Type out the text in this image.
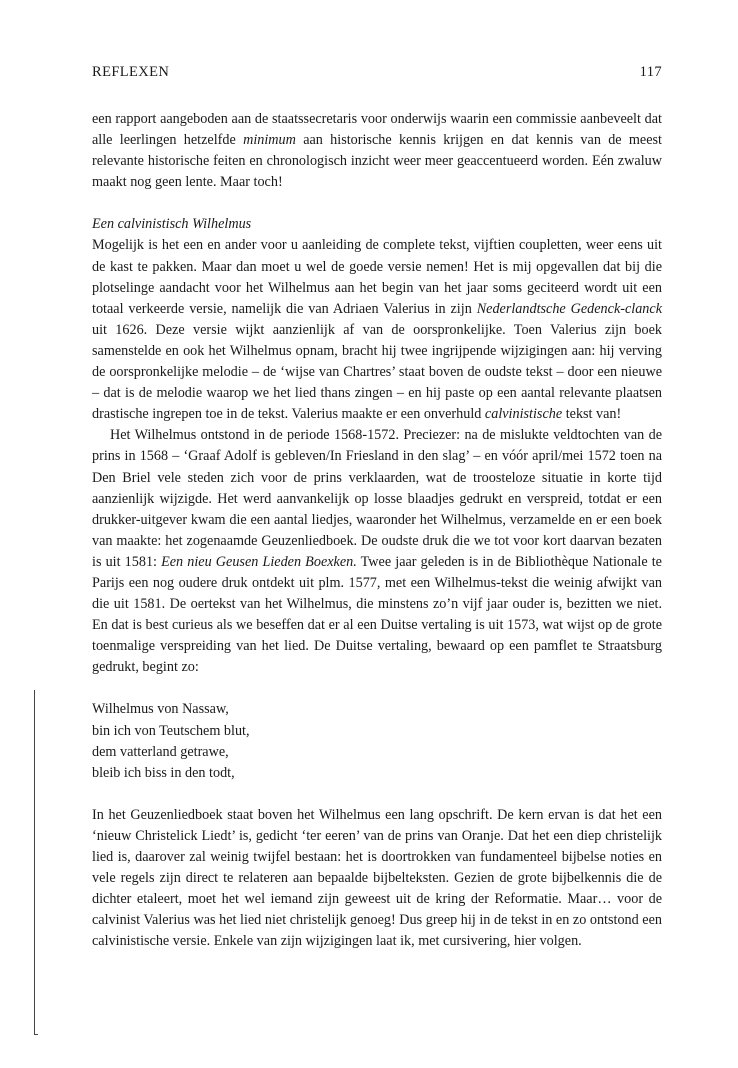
REFLEXEN	117

een rapport aangeboden aan de staatssecretaris voor onderwijs waarin een commissie aanbeveelt dat alle leerlingen hetzelfde minimum aan historische kennis krijgen en dat kennis van de meest relevante historische feiten en chronologisch inzicht weer meer geaccentueerd worden. Eén zwaluw maakt nog geen lente. Maar toch!

Een calvinistisch Wilhelmus

Mogelijk is het een en ander voor u aanleiding de complete tekst, vijftien coupletten, weer eens uit de kast te pakken. Maar dan moet u wel de goede versie nemen! Het is mij opgevallen dat bij die plotselinge aandacht voor het Wilhelmus aan het begin van het jaar soms geciteerd wordt uit een totaal verkeerde versie, namelijk die van Adriaen Valerius in zijn Nederlandtsche Gedenck-clanck uit 1626. Deze versie wijkt aanzienlijk af van de oorspronkelijke. Toen Valerius zijn boek samenstelde en ook het Wilhelmus opnam, bracht hij twee ingrijpende wijzigingen aan: hij verving de oorspronkelijke melodie – de ‘wijse van Chartres’ staat boven de oudste tekst – door een nieuwe – dat is de melodie waarop we het lied thans zingen – en hij paste op een aantal relevante plaatsen drastische ingrepen toe in de tekst. Valerius maakte er een onverhuld calvinistische tekst van!

Het Wilhelmus ontstond in de periode 1568-1572. Preciezer: na de mislukte veldtochten van de prins in 1568 – ‘Graaf Adolf is gebleven/In Friesland in den slag’ – en vóór april/mei 1572 toen na Den Briel vele steden zich voor de prins verklaarden, wat de troosteloze situatie in korte tijd aanzienlijk wijzigde. Het werd aanvankelijk op losse blaadjes gedrukt en verspreid, totdat er een drukker-uitgever kwam die een aantal liedjes, waaronder het Wilhelmus, verzamelde en er een boek van maakte: het zogenaamde Geuzenliedboek. De oudste druk die we tot voor kort daarvan bezaten is uit 1581: Een nieu Geusen Lieden Boexken. Twee jaar geleden is in de Bibliothèque Nationale te Parijs een nog oudere druk ontdekt uit plm. 1577, met een Wilhelmus-tekst die weinig afwijkt van die uit 1581. De oertekst van het Wilhelmus, die minstens zo’n vijf jaar ouder is, bezitten we niet. En dat is best curieus als we beseffen dat er al een Duitse vertaling is uit 1573, wat wijst op de grote toenmalige verspreiding van het lied. De Duitse vertaling, bewaard op een pamflet te Straatsburg gedrukt, begint zo:

Wilhelmus von Nassaw,
bin ich von Teutschem blut,
dem vatterland getrawe,
bleib ich biss in den todt,

In het Geuzenliedboek staat boven het Wilhelmus een lang opschrift. De kern ervan is dat het een ‘nieuw Christelick Liedt’ is, gedicht ‘ter eeren’ van de prins van Oranje. Dat het een diep christelijk lied is, daarover zal weinig twijfel bestaan: het is doortrokken van fundamenteel bijbelse noties en vele regels zijn direct te relateren aan bepaalde bijbelteksten. Gezien de grote bijbelkennis die de dichter etaleert, moet het wel iemand zijn geweest uit de kring der Reformatie. Maar… voor de calvinist Valerius was het lied niet christelijk genoeg! Dus greep hij in de tekst in en zo ontstond een calvinistische versie. Enkele van zijn wijzigingen laat ik, met cursivering, hier volgen.
